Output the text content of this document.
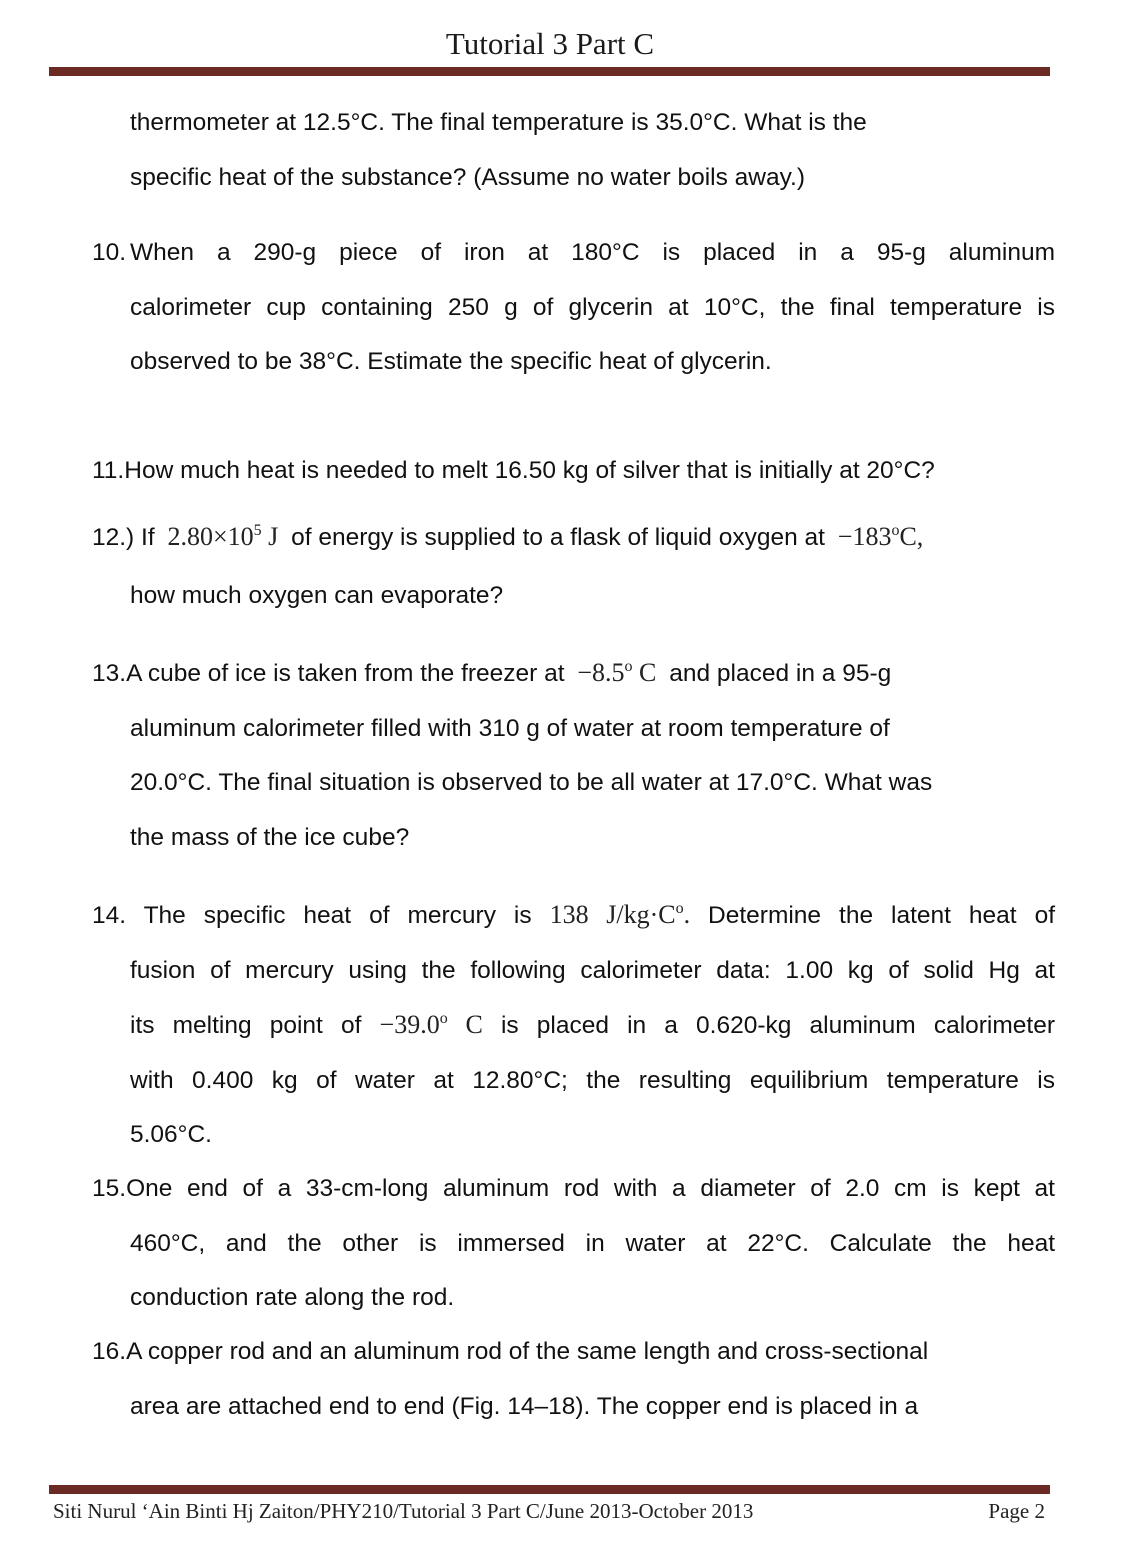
Tutorial 3 Part C
thermometer at 12.5°C. The final temperature is 35.0°C. What is the
specific heat of the substance? (Assume no water boils away.)
10. When a 290-g piece of iron at 180°C is placed in a 95-g aluminum
calorimeter cup containing 250 g of glycerin at 10°C, the final temperature is
observed to be 38°C. Estimate the specific heat of glycerin.
11.How much heat is needed to melt 16.50 kg of silver that is initially at 20°C?
12.) If $2.80\times 10^5$ J of energy is supplied to a flask of liquid oxygen at $-183^oC$,
how much oxygen can evaporate?
13.A cube of ice is taken from the freezer at $-8.5^o$ C and placed in a 95-g
aluminum calorimeter filled with 310 g of water at room temperature of
20.0°C. The final situation is observed to be all water at 17.0°C. What was
the mass of the ice cube?
14. The specific heat of mercury is 138 $J/kg\cdot C^o$. Determine the latent heat of
fusion of mercury using the following calorimeter data: 1.00 kg of solid Hg at
its melting point of $-39.0^o$ C is placed in a 0.620-kg aluminum calorimeter
with 0.400 kg of water at 12.80°C; the resulting equilibrium temperature is
5.06°C.
15.One end of a 33-cm-long aluminum rod with a diameter of 2.0 cm is kept at
460°C, and the other is immersed in water at 22°C. Calculate the heat
conduction rate along the rod.
16.A copper rod and an aluminum rod of the same length and cross-sectional
area are attached end to end (Fig. 14–18). The copper end is placed in a
Siti Nurul ‘Ain Binti Hj Zaiton/PHY210/Tutorial 3 Part C/June 2013-October 2013	Page 2
